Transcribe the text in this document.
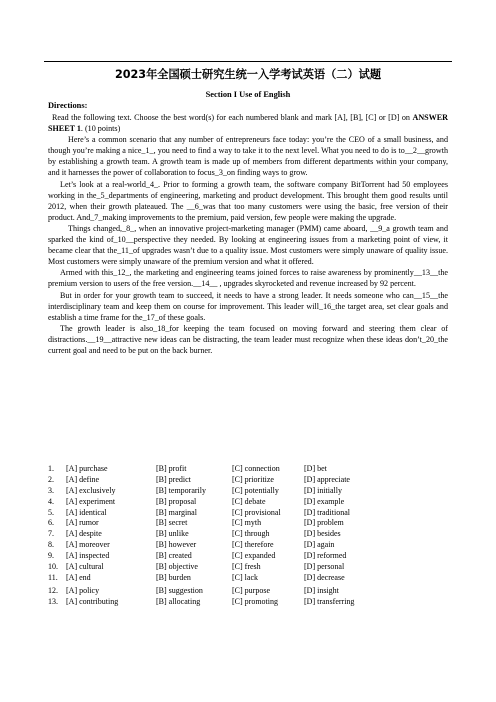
2023年全国硕士研究生统一入学考试英语（二）试题
Section I Use of English
Directions:

Read the following text. Choose the best word(s) for each numbered blank and mark [A], [B], [C] or [D] on ANSWER SHEET 1. (10 points)

Here’s a common scenario that any number of entrepreneurs face today: you’re the CEO of a small business, and though you’re making a nice_1_, you need to find a way to take it to the next level. What you need to do is to__2__growth by establishing a growth team. A growth team is made up of members from different departments within your company, and it harnesses the power of collaboration to focus_3_on finding ways to grow.

Let’s look at a real-world_4_. Prior to forming a growth team, the software company BitTorrent had 50 employees working in the_5_departments of engineering, marketing and product development. This brought them good results until 2012, when their growth plateaued. The __6_was that too many customers were using the basic, free version of their product. And_7_making improvements to the premium, paid version, few people were making the upgrade.

Things changed,_8_, when an innovative project-marketing manager (PMM) came aboard, __9_a growth team and sparked the kind of_10__perspective they needed. By looking at engineering issues from a marketing point of view, it became clear that the_11_of upgrades wasn’t due to a quality issue. Most customers were simply unaware of quality issue. Most customers were simply unaware of the premium version and what it offered.

Armed with this_12_, the marketing and engineering teams joined forces to raise awareness by prominently__13__the premium version to users of the free version.__14__ , upgrades skyrocketed and revenue increased by 92 percent.

But in order for your growth team to succeed, it needs to have a strong leader. It needs someone who can__15__the interdisciplinary team and keep them on course for improvement. This leader will_16_the target area, set clear goals and establish a time frame for the_17_of these goals.

The growth leader is also_18_for keeping the team focused on moving forward and steering them clear of distractions.__19__attractive new ideas can be distracting, the team leader must recognize when these ideas don’t_20_the current goal and need to be put on the back burner.

1. [A] purchase	[B] profit	[C] connection	[D] bet
2. [A] define	[B] predict	[C] prioritize	[D] appreciate
3. [A] exclusively	[B] temporarily	[C] potentially	[D] initially
4. [A] experiment	[B] proposal	[C] debate	[D] example
5. [A] identical	[B] marginal	[C] provisional	[D] traditional
6. [A] rumor	[B] secret	[C] myth	[D] problem
7. [A] despite	[B] unlike	[C] through	[D] besides
8. [A] moreover	[B] however	[C] therefore	[D] again
9. [A] inspected	[B] created	[C] expanded	[D] reformed
10. [A] cultural	[B] objective	[C] fresh	[D] personal
11. [A] end	[B] burden	[C] lack	[D] decrease
12. [A] policy	[B] suggestion	[C] purpose	[D] insight
13. [A] contributing	[B] allocating	[C] promoting	[D] transferring
